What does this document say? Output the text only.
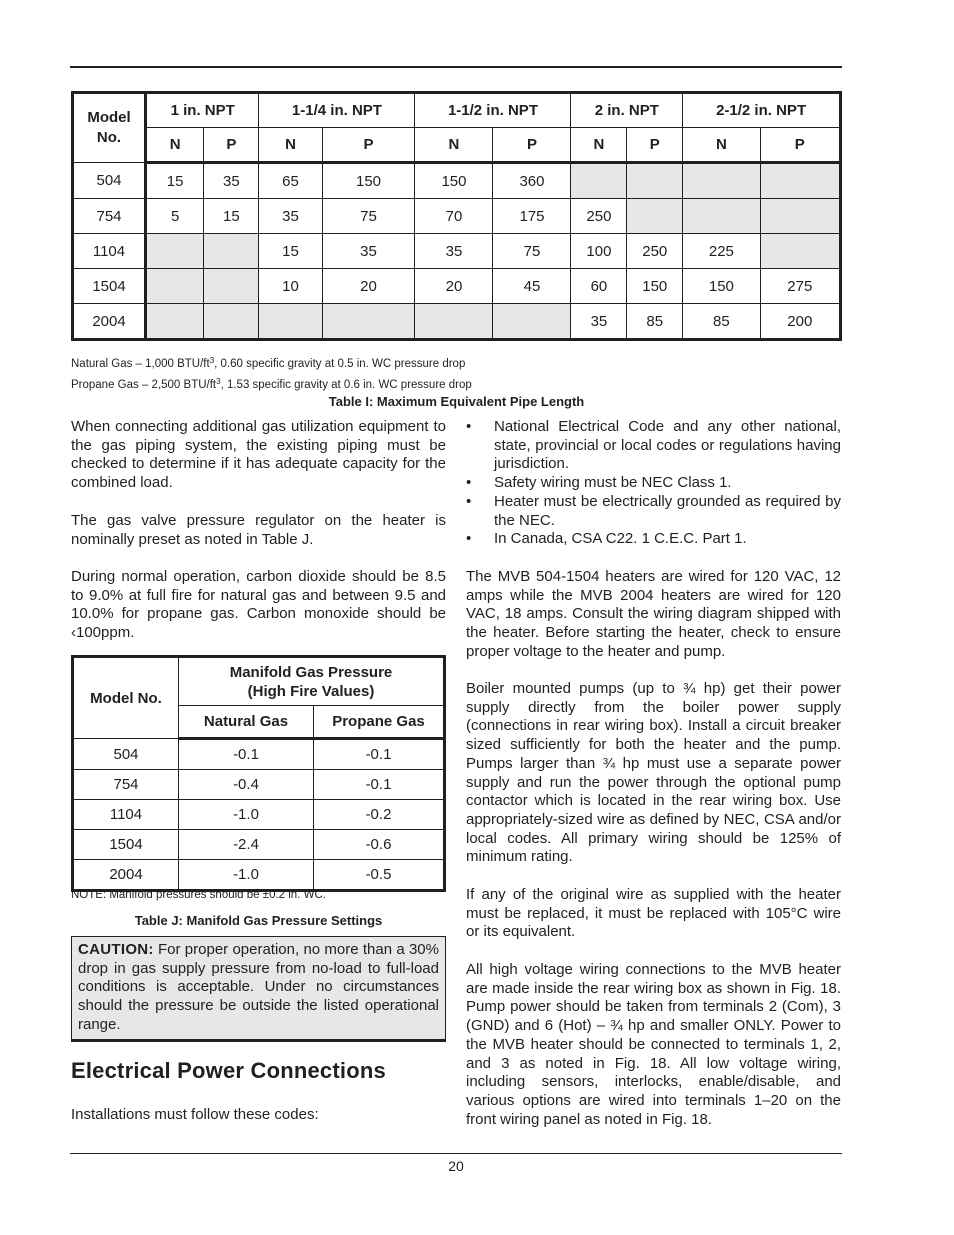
Model No.	1 in. NPT		1-1/4 in. NPT		1-1/2 in. NPT		2 in. NPT		2-1/2 in. NPT	
	N	P	N	P	N	P	N	P	N	P
504	15	35	65	150	150	360				
754	5	15	35	75	70	175	250			
1104			15	35	35	75	100	250	225	
1504			10	20	20	45	60	150	150	275
2004							35	85	85	200
Natural Gas – 1,000 BTU/$ft^3$, 0.60 specific gravity at 0.5 in. WC pressure drop
Propane Gas – 2,500 BTU/$ft^3$, 1.53 specific gravity at 0.6 in. WC pressure drop
Table I: Maximum Equivalent Pipe Length

When connecting additional gas utilization equipment to the gas piping system, the existing piping must be checked to determine if it has adequate capacity for the combined load.

The gas valve pressure regulator on the heater is nominally preset as noted in Table J.

During normal operation, carbon dioxide should be 8.5 to 9.0% at full fire for natural gas and between 9.5 and 10.0% for propane gas. Carbon monoxide should be ‹100ppm.

Model No.	Manifold Gas Pressure
(High Fire Values)	

	Natural Gas	Propane Gas
504	-0.1	-0.1
754	-0.4	-0.1
1104	-1.0	-0.2
1504	-2.4	-0.6
2004	-1.0	-0.5
NOTE: Manifold pressures should be ±0.2 in. WC.
Table J: Manifold Gas Pressure Settings
CAUTION: For proper operation, no more than a 30% drop in gas supply pressure from no-load to full-load conditions is acceptable. Under no circumstances should the pressure be outside the listed operational range.
Electrical Power Connections

Installations must follow these codes:

• National Electrical Code and any other national, state, provincial or local codes or regulations having jurisdiction.
• Safety wiring must be NEC Class 1.
• Heater must be electrically grounded as required by the NEC.
• In Canada, CSA C22. 1 C.E.C. Part 1.

The MVB 504-1504 heaters are wired for 120 VAC, 12 amps while the MVB 2004 heaters are wired for 120 VAC, 18 amps. Consult the wiring diagram shipped with the heater. Before starting the heater, check to ensure proper voltage to the heater and pump.

Boiler mounted pumps (up to ¾ hp) get their power supply directly from the boiler power supply (connections in rear wiring box). Install a circuit breaker sized sufficiently for both the heater and the pump. Pumps larger than ¾ hp must use a separate power supply and run the power through the optional pump contactor which is located in the rear wiring box. Use appropriately-sized wire as defined by NEC, CSA and/or local codes. All primary wiring should be 125% of minimum rating.

If any of the original wire as supplied with the heater must be replaced, it must be replaced with 105°C wire or its equivalent.

All high voltage wiring connections to the MVB heater are made inside the rear wiring box as shown in Fig. 18. Pump power should be taken from terminals 2 (Com), 3 (GND) and 6 (Hot) – ¾ hp and smaller ONLY. Power to the MVB heater should be connected to terminals 1, 2, and 3 as noted in Fig. 18. All low voltage wiring, including sensors, interlocks, enable/disable, and various options are wired into terminals 1–20 on the front wiring panel as noted in Fig. 18.

20
